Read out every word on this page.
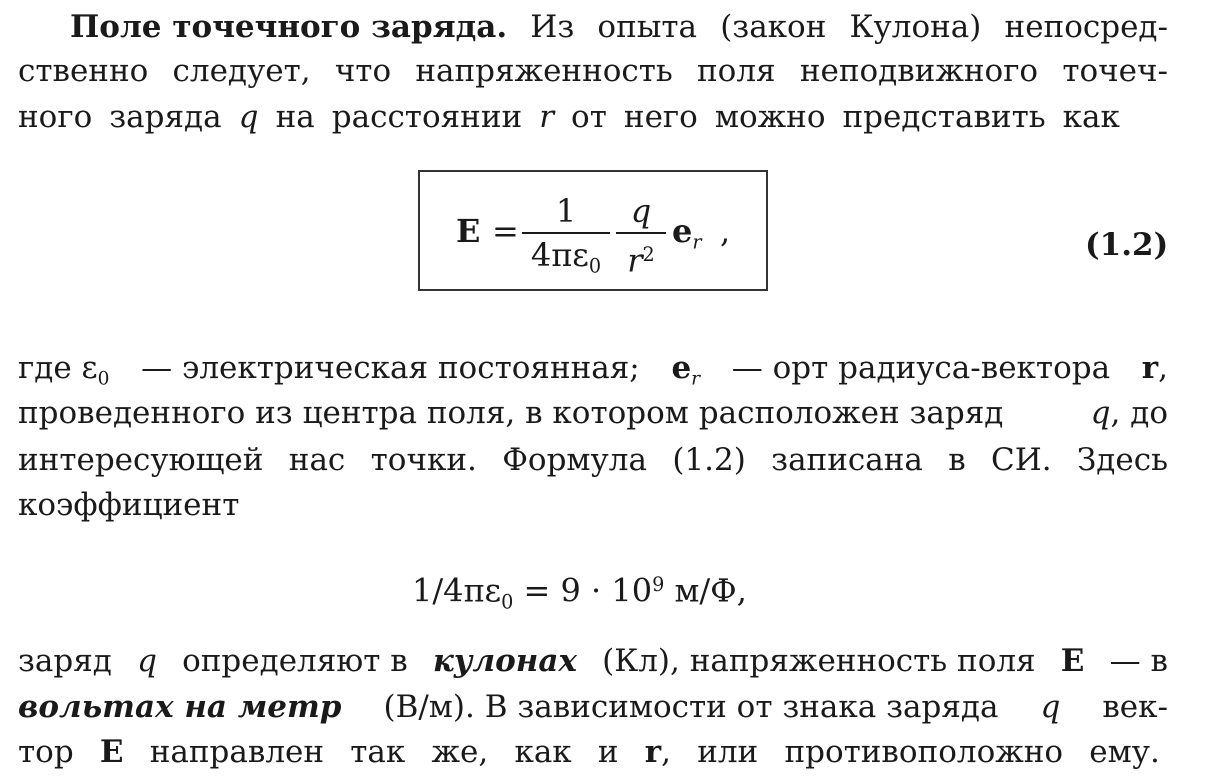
Поле точечного заряда. Из опыта (закон Кулона) непосред-
ственно следует, что напряженность поля неподвижного точеч-
ного заряда q на расстоянии r от него можно представить как
E =
1
$4\pi\varepsilon_0$
q
$r^2$
$e_r$ ,	(1.2)
где $\varepsilon_0$ — электрическая постоянная; $e_r$ — орт радиуса-вектора r,
проведенного из центра поля, в котором расположен заряд	q, до
интересующей нас точки. Формула (1.2) записана в СИ. Здесь
коэффициент
$1/4\pi\varepsilon_0 = 9 \cdot 10^9$ м/Ф,
заряд q определяют в кулонах (Кл), напряженность поля E — в
вольтах на метр (В/м). В зависимости от знака заряда q век-
тор E направлен так же, как и r, или противоположно ему.
